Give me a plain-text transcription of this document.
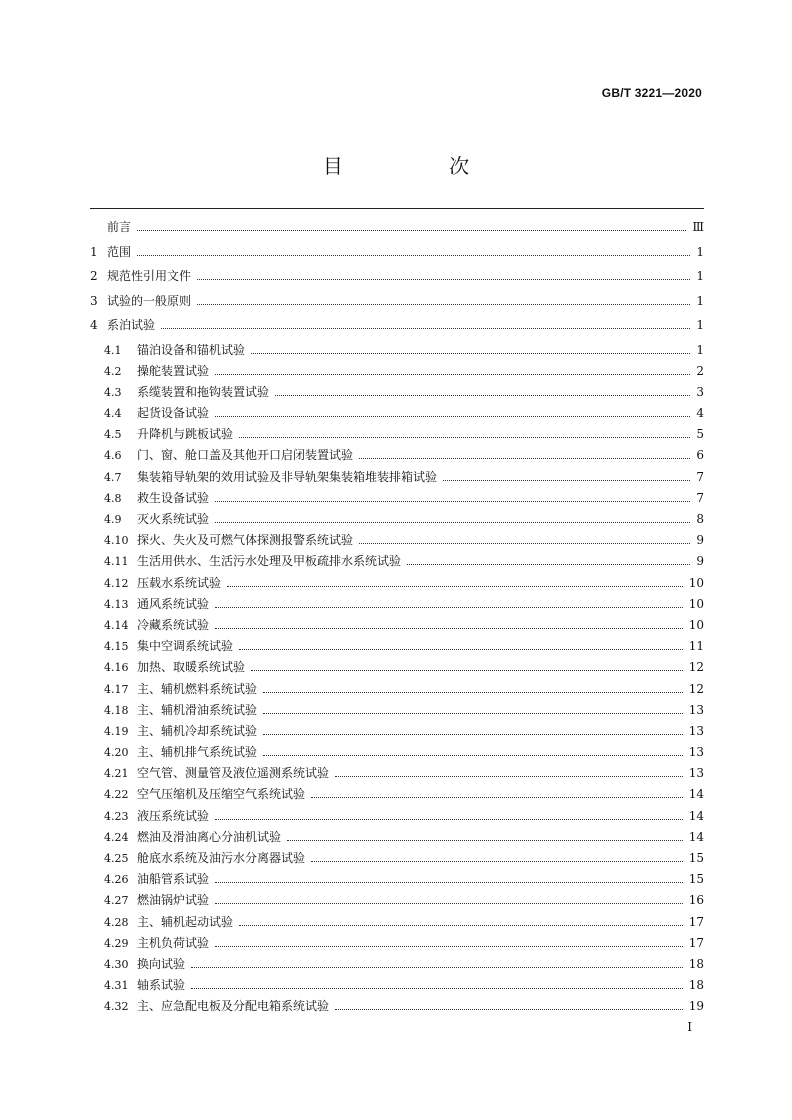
GB/T 3221—2020
目 次
前言	Ⅲ
1 范围	1
2 规范性引用文件	1
3 试验的一般原则	1
4 系泊试验	1
4.1	锚泊设备和锚机试验	1
4.2	操舵装置试验	2
4.3	系缆装置和拖钩装置试验	3
4.4	起货设备试验	4
4.5	升降机与跳板试验	5
4.6	门、窗、舱口盖及其他开口启闭装置试验	6
4.7	集装箱导轨架的效用试验及非导轨架集装箱堆装排箱试验	7
4.8	救生设备试验	7
4.9	灭火系统试验	8
4.10 探火、失火及可燃气体探测报警系统试验	9
4.11 生活用供水、生活污水处理及甲板疏排水系统试验	9
4.12 压载水系统试验	10
4.13 通风系统试验	10
4.14 冷藏系统试验	10
4.15 集中空调系统试验	11
4.16 加热、取暖系统试验	12
4.17 主、辅机燃料系统试验	12
4.18 主、辅机滑油系统试验	13
4.19 主、辅机冷却系统试验	13
4.20 主、辅机排气系统试验	13
4.21 空气管、测量管及液位遥测系统试验	13
4.22 空气压缩机及压缩空气系统试验	14
4.23 液压系统试验	14
4.24 燃油及滑油离心分油机试验	14
4.25 舱底水系统及油污水分离器试验	15
4.26 油船管系试验	15
4.27 燃油锅炉试验	16
4.28 主、辅机起动试验	17
4.29 主机负荷试验	17
4.30 换向试验	18
4.31 轴系试验	18
4.32 主、应急配电板及分配电箱系统试验	19
I
